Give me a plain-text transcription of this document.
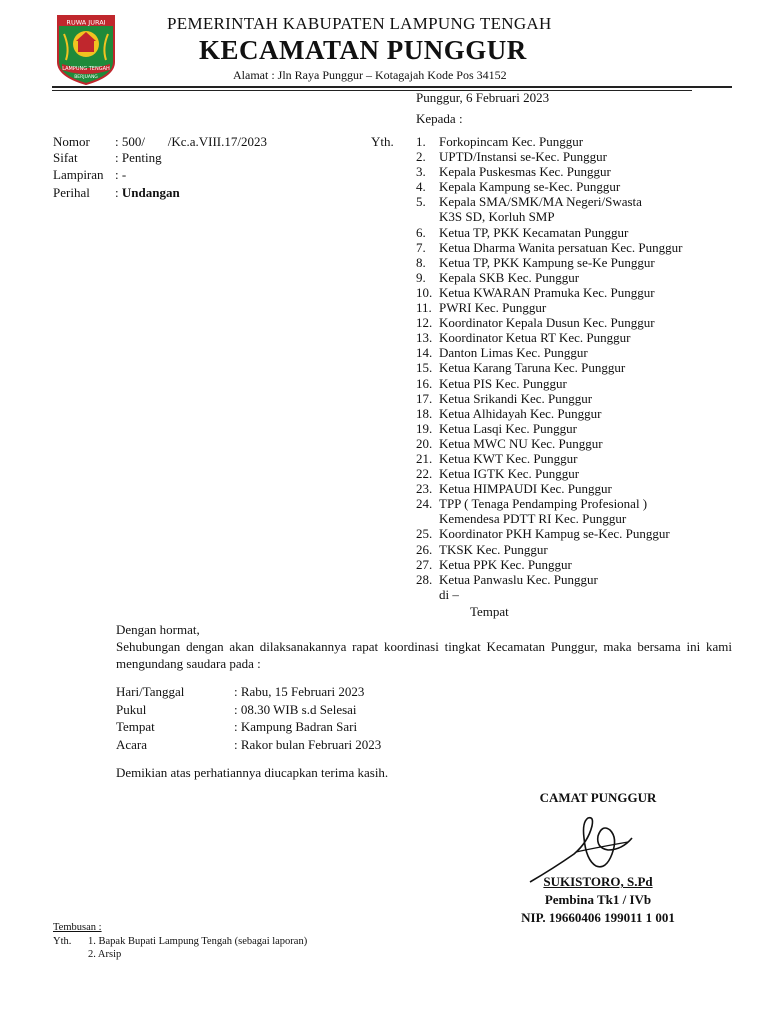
RUWA JURAI
LAMPUNG TENGAH
BERJUANG
PEMERINTAH KABUPATEN LAMPUNG TENGAH
KECAMATAN PUNGGUR
Alamat : Jln Raya Punggur – Kotagajah Kode Pos 34152
Punggur, 6 Februari 2023
Kepada :
Nomor : 500/       /Kc.a.VIII.17/2023
Sifat	: Penting
Lampiran : -
Perihal : Undangan
Yth. 1.	Forkopincam Kec. Punggur
2.	UPTD/Instansi se-Kec. Punggur
3.	Kepala Puskesmas Kec. Punggur
4.	Kepala Kampung se-Kec. Punggur
5.	Kepala SMA/SMK/MA Negeri/Swasta
K3S SD, Korluh SMP
6.	Ketua TP, PKK Kecamatan Punggur
7.	Ketua Dharma Wanita persatuan Kec. Punggur
8.	Ketua TP, PKK Kampung se-Ke Punggur
9.	Kepala SKB Kec. Punggur
10. Ketua KWARAN Pramuka Kec. Punggur
11. PWRI Kec. Punggur
12. Koordinator Kepala Dusun Kec. Punggur
13. Koordinator Ketua RT Kec. Punggur
14. Danton Limas Kec. Punggur
15. Ketua Karang Taruna Kec. Punggur
16. Ketua PIS Kec. Punggur
17. Ketua Srikandi Kec. Punggur
18. Ketua Alhidayah Kec. Punggur
19. Ketua Lasqi Kec. Punggur
20. Ketua MWC NU Kec. Punggur
21. Ketua KWT Kec. Punggur
22. Ketua IGTK Kec. Punggur
23. Ketua HIMPAUDI Kec. Punggur
24. TPP ( Tenaga Pendamping Profesional )
Kemendesa PDTT RI Kec. Punggur
25. Koordinator PKH Kampug se-Kec. Punggur
26. TKSK Kec. Punggur
27. Ketua PPK Kec. Punggur
28. Ketua Panwaslu Kec. Punggur
di –
Tempat
Dengan hormat,
Sehubungan dengan akan dilaksanakannya rapat koordinasi tingkat Kecamatan Punggur, maka bersama ini kami mengundang saudara pada :
Hari/Tanggal	: Rabu, 15 Februari 2023
Pukul	: 08.30 WIB s.d Selesai
Tempat	: Kampung Badran Sari
Acara	: Rakor bulan Februari 2023
Demikian atas perhatiannya diucapkan terima kasih.
CAMAT PUNGGUR
SUKISTORO, S.Pd
Pembina Tk1 / IVb
NIP. 19660406 199011 1 001
Tembusan :
Yth. 1. Bapak Bupati Lampung Tengah (sebagai laporan)
2. Arsip
